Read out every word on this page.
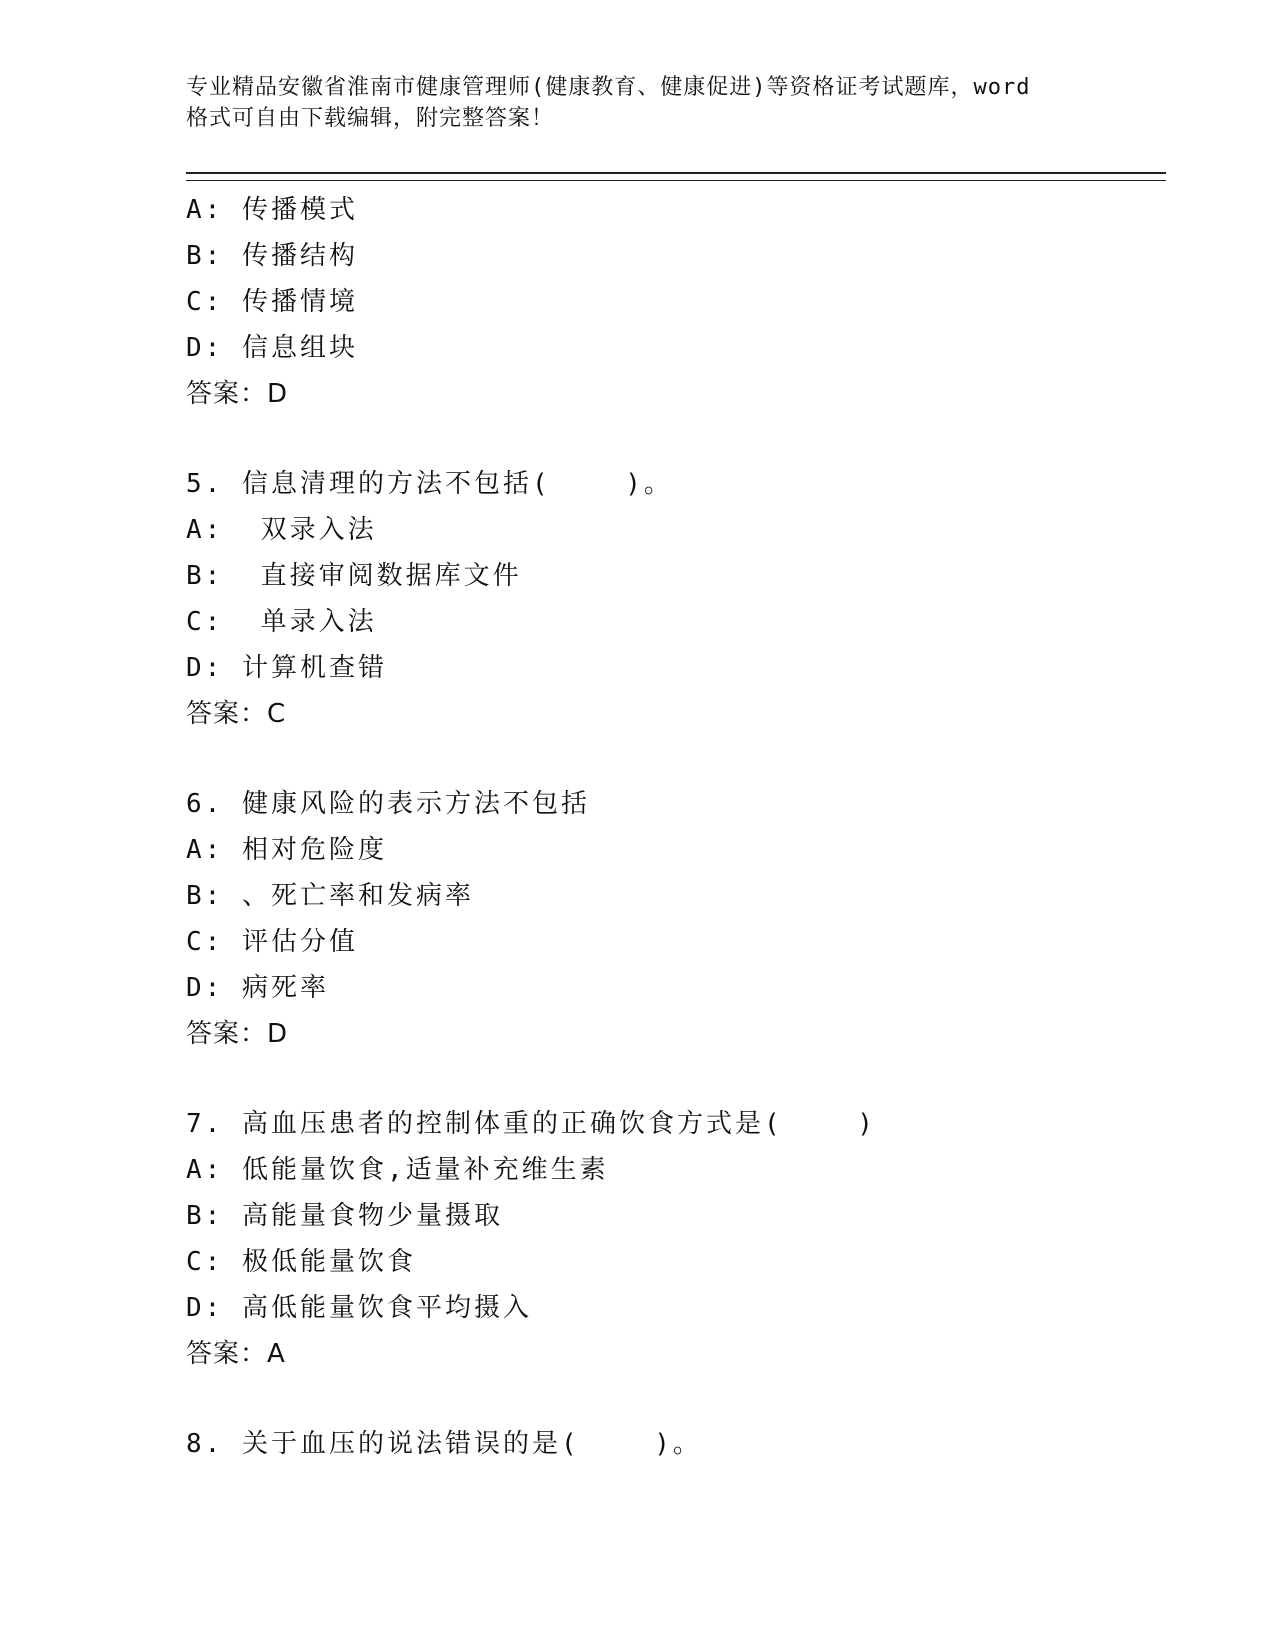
专业精品安徽省淮南市健康管理师(健康教育、健康促进)等资格证考试题库，word
格式可自由下载编辑，附完整答案！
A: 传播模式
B: 传播结构
C: 传播情境
D: 信息组块
答案：D
5. 信息清理的方法不包括(    )。
A:  双录入法
B:  直接审阅数据库文件
C:  单录入法
D: 计算机查错
答案：C
6. 健康风险的表示方法不包括
A: 相对危险度
B: 、死亡率和发病率
C: 评估分值
D: 病死率
答案：D
7. 高血压患者的控制体重的正确饮食方式是(    )
A: 低能量饮食,适量补充维生素
B: 高能量食物少量摄取
C: 极低能量饮食
D: 高低能量饮食平均摄入
答案：A
8. 关于血压的说法错误的是(    )。
